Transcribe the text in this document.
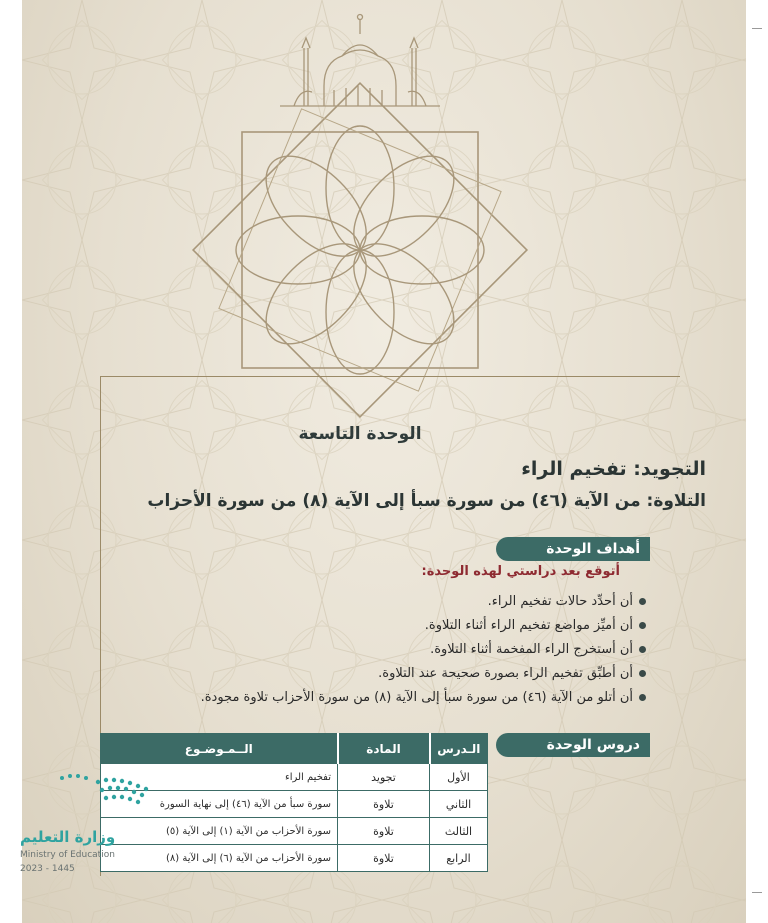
الوحدة التاسعة
التجويد: تفخيم الراء
التلاوة: من الآية (٤٦) من سورة سبأ إلى الآية (٨) من سورة الأحزاب
أهداف الوحدة
أتوقع بعد دراستي لهذه الوحدة:
أن أحدِّد حالات تفخيم الراء.
أن أميِّز مواضع تفخيم الراء أثناء التلاوة.
أن أستخرج الراء المفخمة أثناء التلاوة.
أن أطبِّق تفخيم الراء بصورة صحيحة عند التلاوة.
أن أتلو من الآية (٤٦) من سورة سبأ إلى الآية (٨) من سورة الأحزاب تلاوة مجودة.
دروس الوحدة
الـدرس	المادة	الــمـوضـوع
الأول	تجويد	تفخيم الراء
الثاني	تلاوة	سورة سبأ من الآية (٤٦) إلى نهاية السورة
الثالث	تلاوة	سورة الأحزاب من الآية (١) إلى الآية (٥)
الرابع	تلاوة	سورة الأحزاب من الآية (٦) إلى الآية (٨)
وزارة التعليم
Ministry of Education
2023 - 1445
